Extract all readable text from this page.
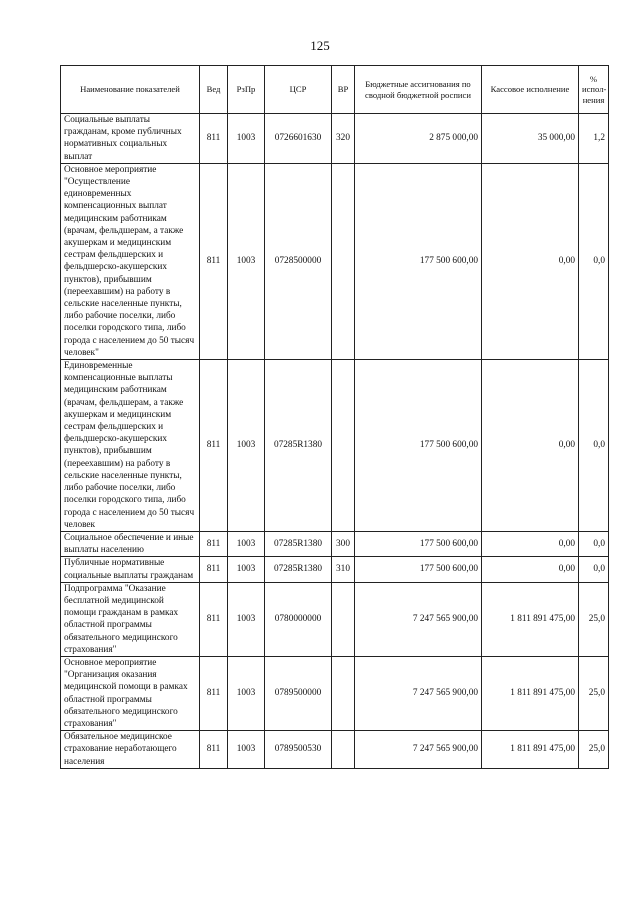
125
Наименование показателей	Вед	РзПр	ЦСР	ВР	Бюджетные ассигнования по сводной бюджетной росписи	Кассовое исполнение	% испол-нения
Социальные выплаты гражданам, кроме публичных нормативных социальных выплат	811	1003	0726601630	320	2 875 000,00	35 000,00	1,2
Основное мероприятие "Осуществление единовременных компенсационных выплат медицинским работникам (врачам, фельдшерам, а также акушеркам и медицинским сестрам фельдшерских и фельдшерско-акушерских пунктов), прибывшим (переехавшим) на работу в сельские населенные пункты, либо рабочие поселки, либо поселки городского типа, либо города с населением до 50 тысяч человек"	811	1003	0728500000		177 500 600,00	0,00	0,0
Единовременные компенсационные выплаты медицинским работникам (врачам, фельдшерам, а также акушеркам и медицинским сестрам фельдшерских и фельдшерско-акушерских пунктов), прибывшим (переехавшим) на работу в сельские населенные пункты, либо рабочие поселки, либо поселки городского типа, либо города с населением до 50 тысяч человек	811	1003	07285R1380		177 500 600,00	0,00	0,0
Социальное обеспечение и иные выплаты населению	811	1003	07285R1380	300	177 500 600,00	0,00	0,0
Публичные нормативные социальные выплаты гражданам	811	1003	07285R1380	310	177 500 600,00	0,00	0,0
Подпрограмма "Оказание бесплатной медицинской помощи гражданам в рамках областной программы обязательного медицинского страхования"	811	1003	0780000000		7 247 565 900,00	1 811 891 475,00	25,0
Основное мероприятие "Организация оказания медицинской помощи в рамках областной программы обязательного медицинского страхования"	811	1003	0789500000		7 247 565 900,00	1 811 891 475,00	25,0
Обязательное медицинское страхование неработающего населения	811	1003	0789500530		7 247 565 900,00	1 811 891 475,00	25,0
